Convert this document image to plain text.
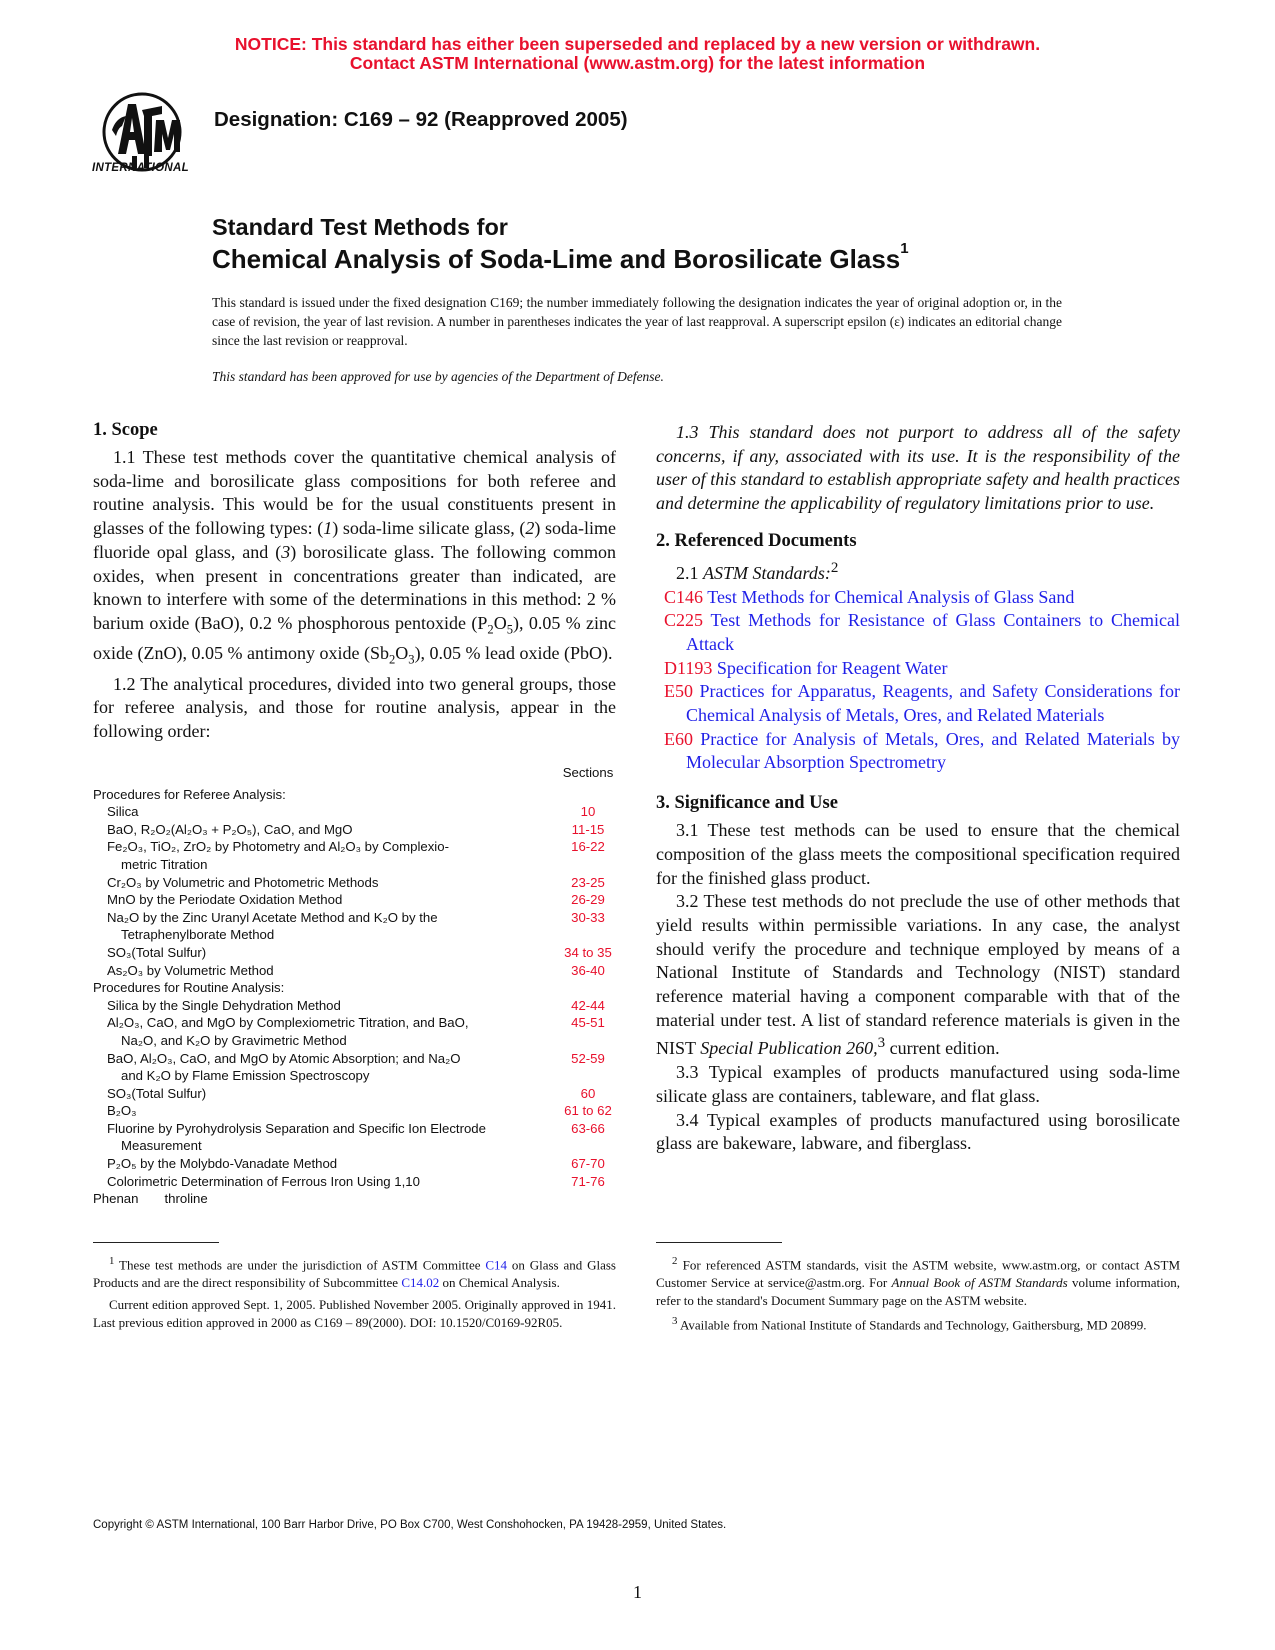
NOTICE: This standard has either been superseded and replaced by a new version or withdrawn.
Contact ASTM International (www.astm.org) for the latest information
INTERNATIONAL
Designation: C169 – 92 (Reapproved 2005)
Standard Test Methods for
Chemical Analysis of Soda-Lime and Borosilicate Glass$^1$
This standard is issued under the fixed designation C169; the number immediately following the designation indicates the year of original adoption or, in the case of revision, the year of last revision. A number in parentheses indicates the year of last reapproval. A superscript epsilon (ε) indicates an editorial change since the last revision or reapproval.
This standard has been approved for use by agencies of the Department of Defense.
1. Scope

1.1 These test methods cover the quantitative chemical analysis of soda-lime and borosilicate glass compositions for both referee and routine analysis. This would be for the usual constituents present in glasses of the following types: (1) soda-lime silicate glass, (2) soda-lime fluoride opal glass, and (3) borosilicate glass. The following common oxides, when present in concentrations greater than indicated, are known to interfere with some of the determinations in this method: 2 % barium oxide (BaO), 0.2 % phosphorous pentoxide $(P_2O_5)$, 0.05 % zinc oxide (ZnO), 0.05 % antimony oxide $(Sb_2O_3)$, 0.05 % lead oxide (PbO).

1.2 The analytical procedures, divided into two general groups, those for referee analysis, and those for routine analysis, appear in the following order:

Sections
Procedures for Referee Analysis:
Silica	10
BaO, R₂O₂(Al₂O₃ + P₂O₅), CaO, and MgO	11-15
Fe₂O₃, TiO₂, ZrO₂ by Photometry and Al₂O₃ by Complexio-	16-22
metric Titration
Cr₂O₃ by Volumetric and Photometric Methods	23-25
MnO by the Periodate Oxidation Method	26-29
Na₂O by the Zinc Uranyl Acetate Method and K₂O by the	30-33
Tetraphenylborate Method
SO₃(Total Sulfur)	34 to 35
As₂O₃ by Volumetric Method	36-40
Procedures for Routine Analysis:
Silica by the Single Dehydration Method	42-44
Al₂O₃, CaO, and MgO by Complexiometric Titration, and BaO,	45-51
Na₂O, and K₂O by Gravimetric Method
BaO, Al₂O₃, CaO, and MgO by Atomic Absorption; and Na₂O	52-59
and K₂O by Flame Emission Spectroscopy
SO₃(Total Sulfur)	60
B₂O₃	61 to 62
Fluorine by Pyrohydrolysis Separation and Specific Ion Electrode	63-66
Measurement
P₂O₅ by the Molybdo-Vanadate Method	67-70
Colorimetric Determination of Ferrous Iron Using 1,10	71-76
Phenan throline

$^1$ These test methods are under the jurisdiction of ASTM Committee C14 on Glass and Glass Products and are the direct responsibility of Subcommittee C14.02 on Chemical Analysis.

Current edition approved Sept. 1, 2005. Published November 2005. Originally approved in 1941. Last previous edition approved in 2000 as C169 – 89(2000). DOI: 10.1520/C0169-92R05.

1.3 This standard does not purport to address all of the safety concerns, if any, associated with its use. It is the responsibility of the user of this standard to establish appropriate safety and health practices and determine the applicability of regulatory limitations prior to use.

2. Referenced Documents
2.1 ASTM Standards:$^2$
C146 Test Methods for Chemical Analysis of Glass Sand
C225 Test Methods for Resistance of Glass Containers to Chemical Attack
D1193 Specification for Reagent Water
E50 Practices for Apparatus, Reagents, and Safety Considerations for Chemical Analysis of Metals, Ores, and Related Materials
E60 Practice for Analysis of Metals, Ores, and Related Materials by Molecular Absorption Spectrometry
3. Significance and Use

3.1 These test methods can be used to ensure that the chemical composition of the glass meets the compositional specification required for the finished glass product.

3.2 These test methods do not preclude the use of other methods that yield results within permissible variations. In any case, the analyst should verify the procedure and technique employed by means of a National Institute of Standards and Technology (NIST) standard reference material having a component comparable with that of the material under test. A list of standard reference materials is given in the NIST Special Publication 260,$^3$ current edition.

3.3 Typical examples of products manufactured using soda-lime silicate glass are containers, tableware, and flat glass.

3.4 Typical examples of products manufactured using borosilicate glass are bakeware, labware, and fiberglass.

$^2$ For referenced ASTM standards, visit the ASTM website, www.astm.org, or contact ASTM Customer Service at service@astm.org. For Annual Book of ASTM Standards volume information, refer to the standard's Document Summary page on the ASTM website.

$^3$ Available from National Institute of Standards and Technology, Gaithersburg, MD 20899.

Copyright © ASTM International, 100 Barr Harbor Drive, PO Box C700, West Conshohocken, PA 19428-2959, United States.
1
